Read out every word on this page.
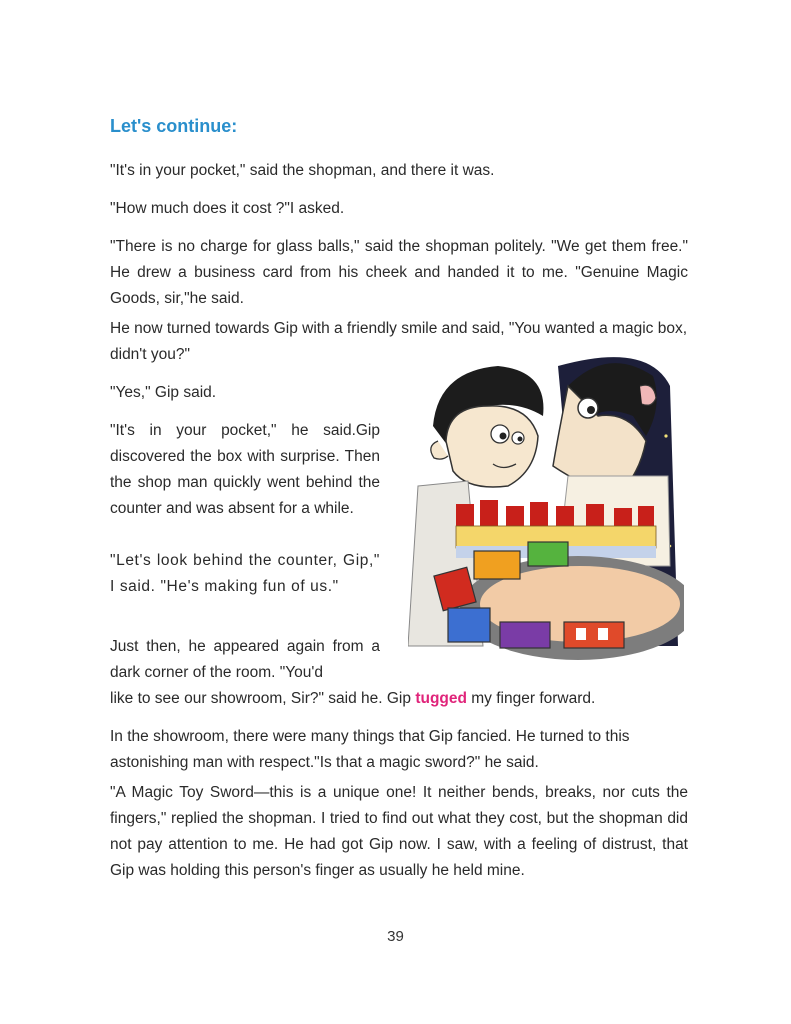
Let's continue:

"It's in your pocket," said the shopman, and there it was.

"How much does it cost ?"I asked.

"There is no charge for glass balls," said the shopman politely. "We get them free." He drew a business card from his cheek and handed it to me. "Genuine Magic Goods, sir,"he said.

He now turned towards Gip with a friendly smile and said, "You wanted a magic box, didn't you?"

"Yes," Gip said.

"It's in your pocket," he said.Gip discovered the box with surprise. Then the shop man quickly went behind the counter and was absent for a while.

"Let's look behind the counter, Gip," I said. "He's making fun of us."

Just then, he appeared again from a dark corner of the room. "You'd

like to see our showroom, Sir?" said he. Gip tugged my finger forward.

In the showroom, there were many things that Gip fancied. He turned to this astonishing man with respect."Is that a magic sword?" he said.

"A Magic Toy Sword—this is a unique one! It neither bends, breaks, nor cuts the fingers," replied the shopman. I tried to find out what they cost, but the shopman did not pay attention to me. He had got Gip now. I saw, with a feeling of distrust, that Gip was holding this person's finger as usually he held mine.

39
